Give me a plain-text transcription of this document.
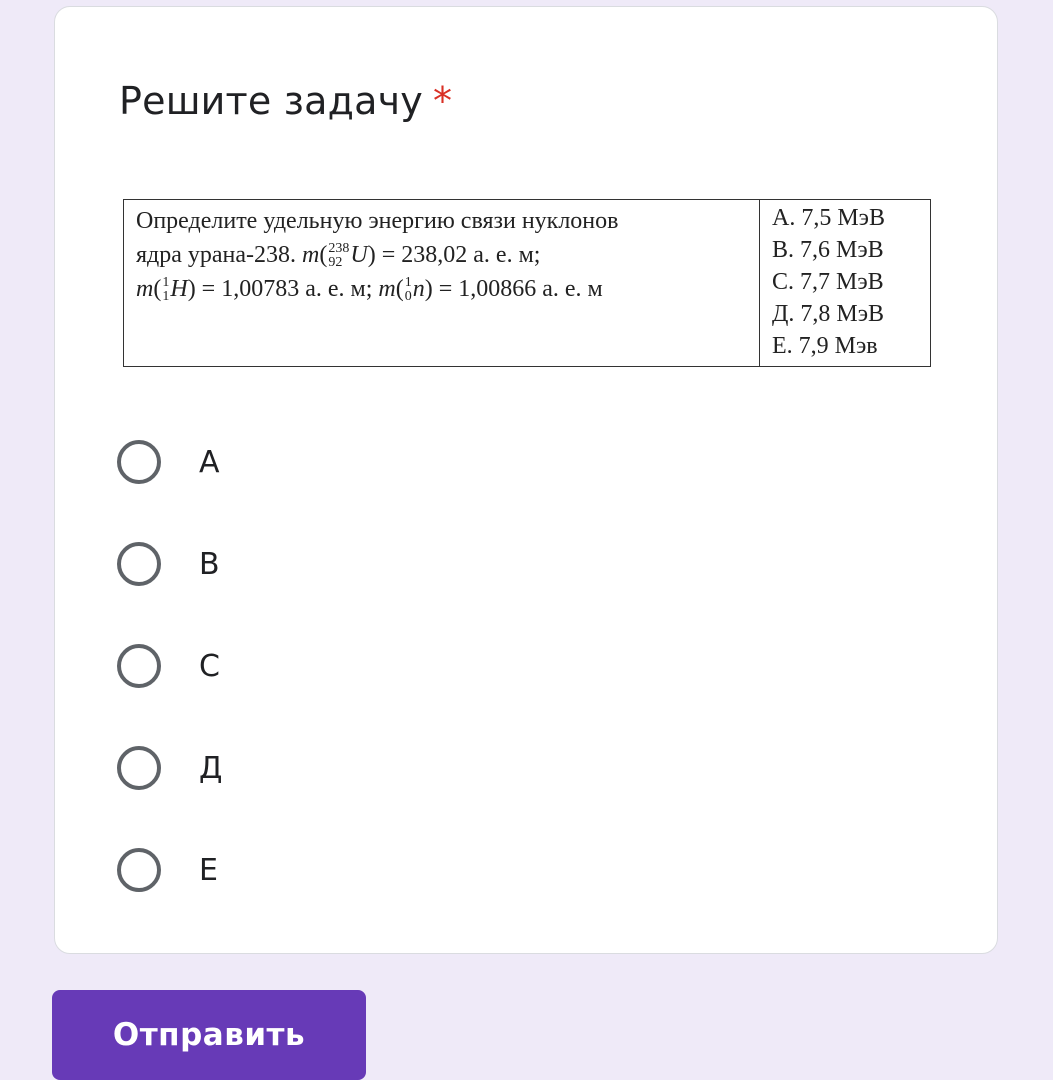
Решите задачу *
Определите удельную энергию связи нуклонов
ядра урана-238. m( 238
92 U) = 238,02 а. е. м;
m( 1
1 H) = 1,00783 а. е. м; m( 1
0 n) = 1,00866 а. е. м
А. 7,5 МэВ
В. 7,6 МэВ
С. 7,7 МэВ
Д. 7,8 МэВ
Е. 7,9 Мэв
А
В
С
Д
Е
Отправить
